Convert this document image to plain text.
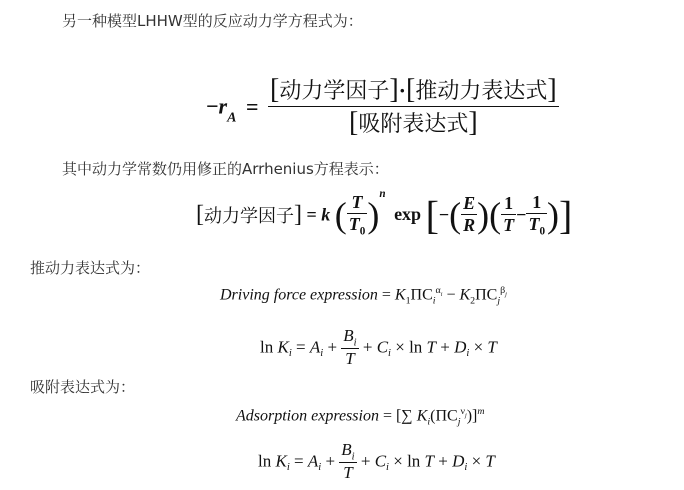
另一种模型LHHW型的反应动力学方程式为：
$-r_A = \frac{\text{[动力学因子]·[推动力表达式]}}{\text{[吸附表达式]}}$
其中动力学常数仍用修正的Arrhenius方程表示：
[动力学因子] = k ( $\frac{T}{T_0} )^n$ exp [−( $\frac{E}{R}$ )( $\frac{1}{T} - \frac{1}{T_0}$ )]
推动力表达式为：
Driving force expression = $K_1\Pi C_i^{\alpha_i} - K_2\Pi C_j^{\beta_j}$
$\ln K_i = A_i + \frac{B_i}{T} + C_i \times \ln T + D_i \times T$
吸附表达式为：
Adsorption expression = [∑ $K_i(\Pi C_j^{\nu_j})]^m$
$\ln K_i = A_i + \frac{B_i}{T} + C_i \times \ln T + D_i \times T$
